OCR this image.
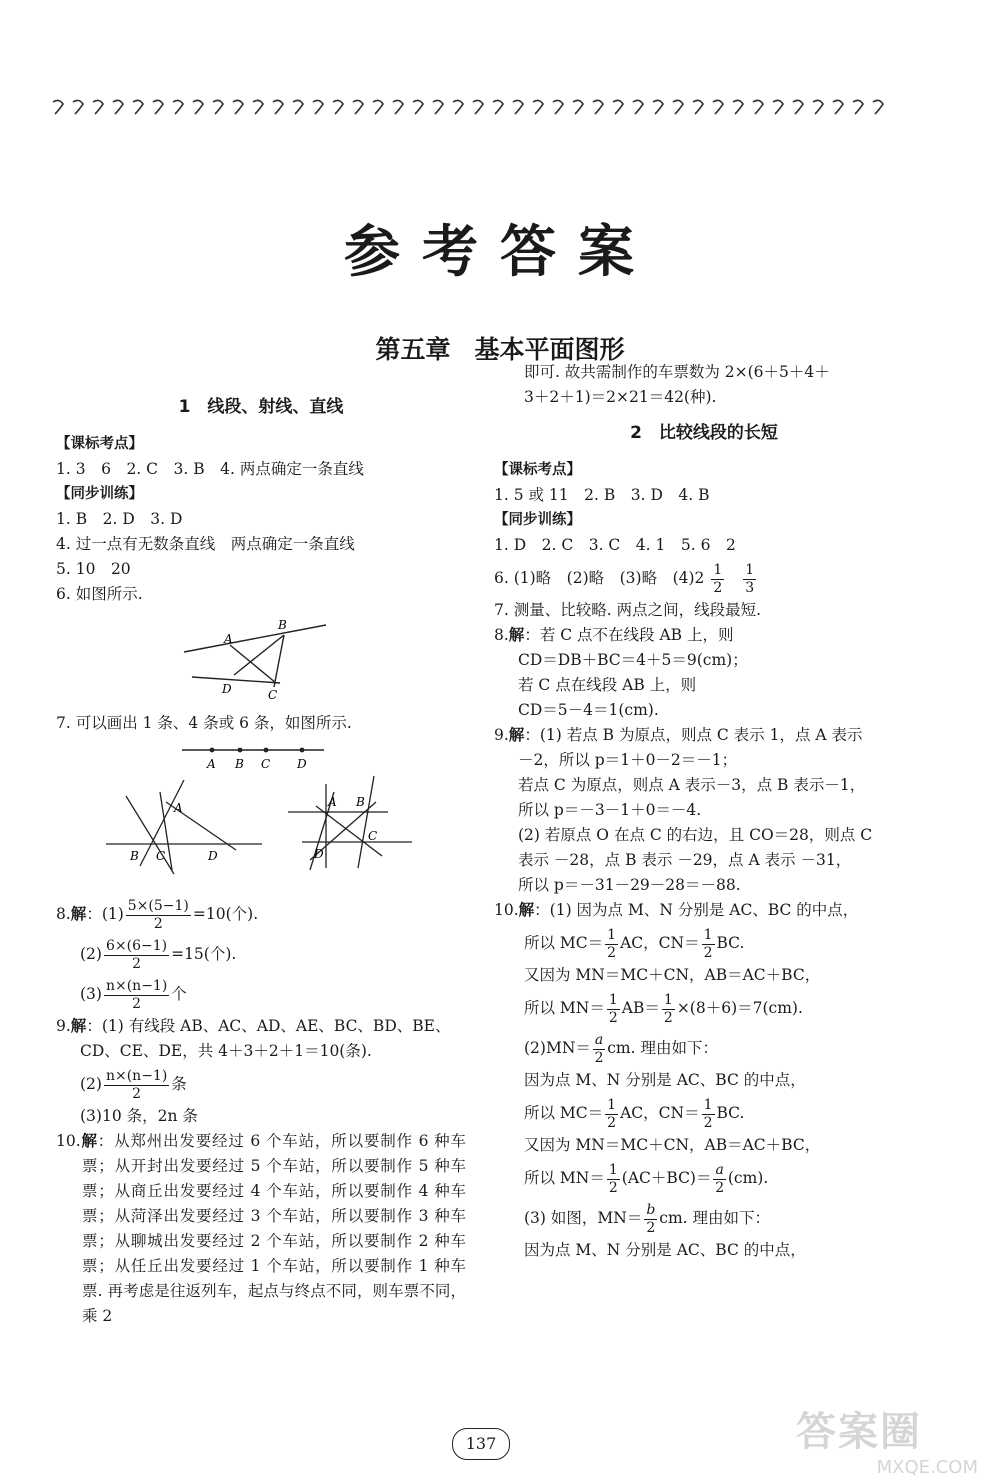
参考答案
第五章 基本平面图形
1　线段、射线、直线
【课标考点】
1. 3　6　2. C　3. B　4. 两点确定一条直线
【同步训练】
1. B　2. D　3. D
4. 过一点有无数条直线　两点确定一条直线
5. 10　20
6. 如图所示.
A
B
D	C
7. 可以画出 1 条、4 条或 6 条，如图所示.
A B C D
A
B C	D
A B
C
D
8.解：$(1) \frac{5\times(5-1)}{2} =10$(个).
$(2) \frac{6\times(6-1)}{2} =15$(个).
$(3) \frac{n\times(n-1)}{2}$ 个
9.解：(1) 有线段 AB、AC、AD、AE、BC、BD、BE、
CD、CE、DE，共 4＋3＋2＋1＝10(条).
$(2) \frac{n\times(n-1)}{2}$ 条
(3)10 条，2n 条
10.解：从郑州出发要经过 6 个车站，所以要制作 6 种车票；从开封出发要经过 5 个车站，所以要制作 5 种车票；从商丘出发要经过 4 个车站，所以要制作 4 种车票；从菏泽出发要经过 3 个车站，所以要制作 3 种车票；从聊城出发要经过 2 个车站，所以要制作 2 种车票；从任丘出发要经过 1 个车站，所以要制作 1 种车票. 再考虑是往返列车，起点与终点不同，则车票不同，乘 2
即可. 故共需制作的车票数为 2×(6＋5＋4＋
3＋2＋1)＝2×21＝42(种).
2　比较线段的长短
【课标考点】
1. 5 或 11　2. B　3. D　4. B
【同步训练】
1. D　2. C　3. C　4. 1　5. 6　2
6. (1)略　(2)略　(3)略　$(4)2 \frac{1}{2}$
$\frac{1}{3}$
7. 测量、比较略. 两点之间，线段最短.
8.解：若 C 点不在线段 AB 上，则
CD＝DB＋BC＝4＋5＝9(cm)；
若 C 点在线段 AB 上，则
CD＝5－4＝1(cm).
9.解：(1) 若点 B 为原点，则点 C 表示 1，点 A 表示
－2，所以 p＝1＋0－2＝－1；
若点 C 为原点，则点 A 表示－3，点 B 表示－1，
所以 p＝－3－1＋0＝－4.
(2) 若原点 O 在点 C 的右边，且 CO＝28，则点 C
表示 －28，点 B 表示 －29，点 A 表示 －31，
所以 p＝－31－29－28＝－88.
10.解：(1) 因为点 M、N 分别是 AC、BC 的中点，
所以 $MC= \frac{1}{2}$ AC，$CN= \frac{1}{2}$ BC.
又因为 MN＝MC＋CN，AB＝AC＋BC，
所以 $MN= \frac{1}{2} AB= \frac{1}{2} \times(8+6)=7(cm)$.
$(2)MN= \frac{a}{2}$ cm. 理由如下：
因为点 M、N 分别是 AC、BC 的中点，
所以 $MC= \frac{1}{2}$ AC，$CN= \frac{1}{2}$ BC.
又因为 MN＝MC＋CN，AB＝AC＋BC，
所以 $MN= \frac{1}{2} (AC+BC)= \frac{a}{2} (cm)$.
(3) 如图，$MN= \frac{b}{2}$ cm. 理由如下：
因为点 M、N 分别是 AC、BC 的中点，
137	答案圈
MXQE.COM
